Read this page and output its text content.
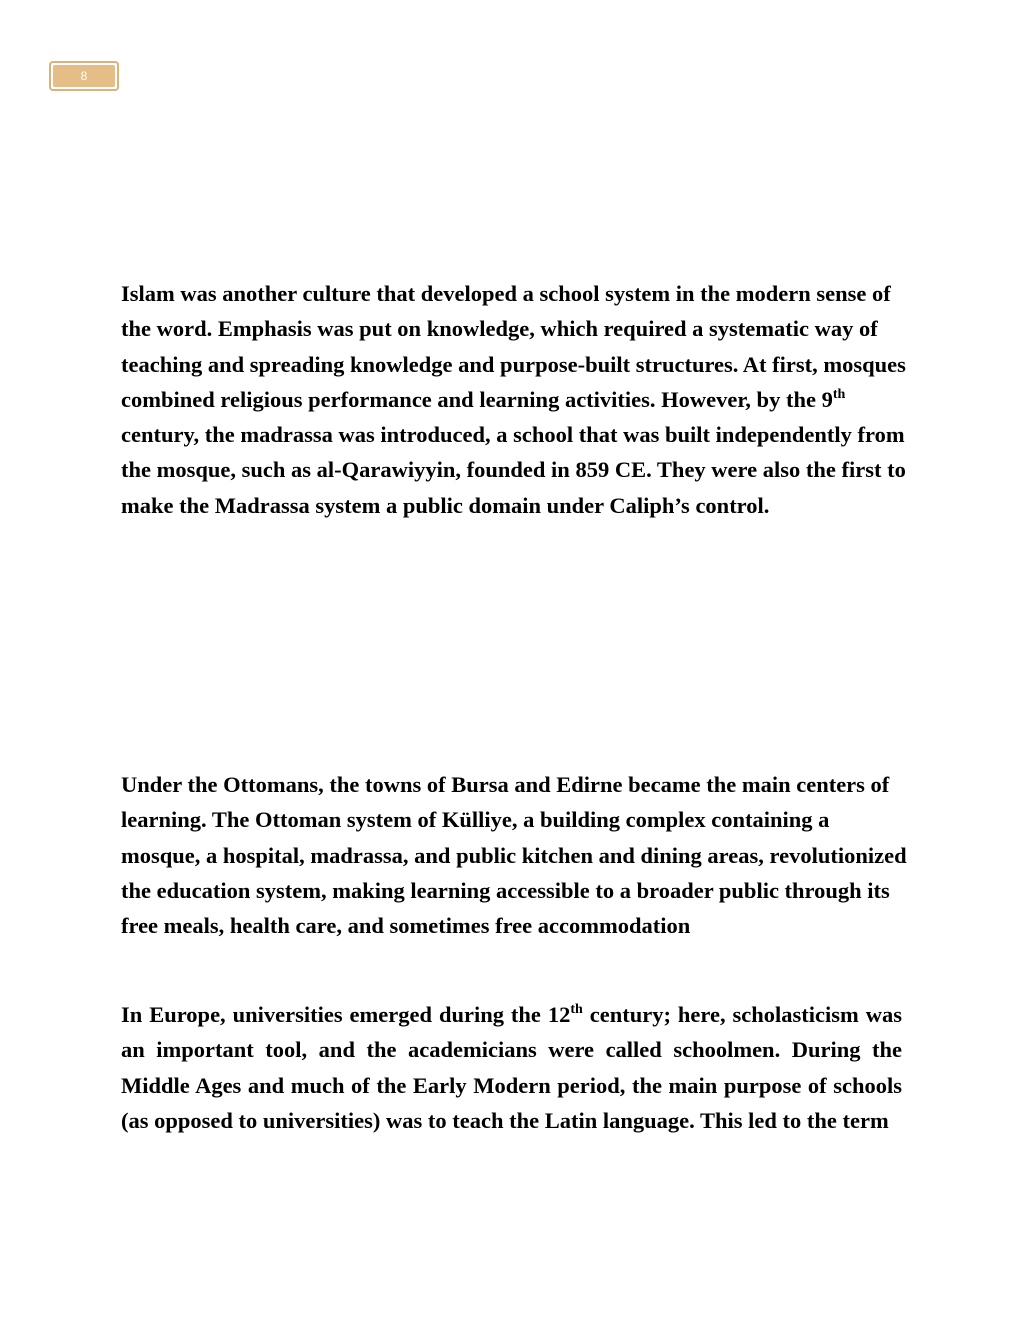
8

Islam was another culture that developed a school system in the modern sense of the word. Emphasis was put on knowledge, which required a systematic way of teaching and spreading knowledge and purpose-built structures. At first, mosques combined religious performance and learning activities. However, by the 9th century, the madrassa was introduced, a school that was built independently from the mosque, such as al-Qarawiyyin, founded in 859 CE. They were also the first to make the Madrassa system a public domain under Caliph’s control.

Under the Ottomans, the towns of Bursa and Edirne became the main centers of learning. The Ottoman system of Külliye, a building complex containing a mosque, a hospital, madrassa, and public kitchen and dining areas, revolutionized the education system, making learning accessible to a broader public through its free meals, health care, and sometimes free accommodation

In Europe, universities emerged during the 12th century; here, scholasticism was an important tool, and the academicians were called schoolmen. During the Middle Ages and much of the Early Modern period, the main purpose of schools (as opposed to universities) was to teach the Latin language. This led to the term
